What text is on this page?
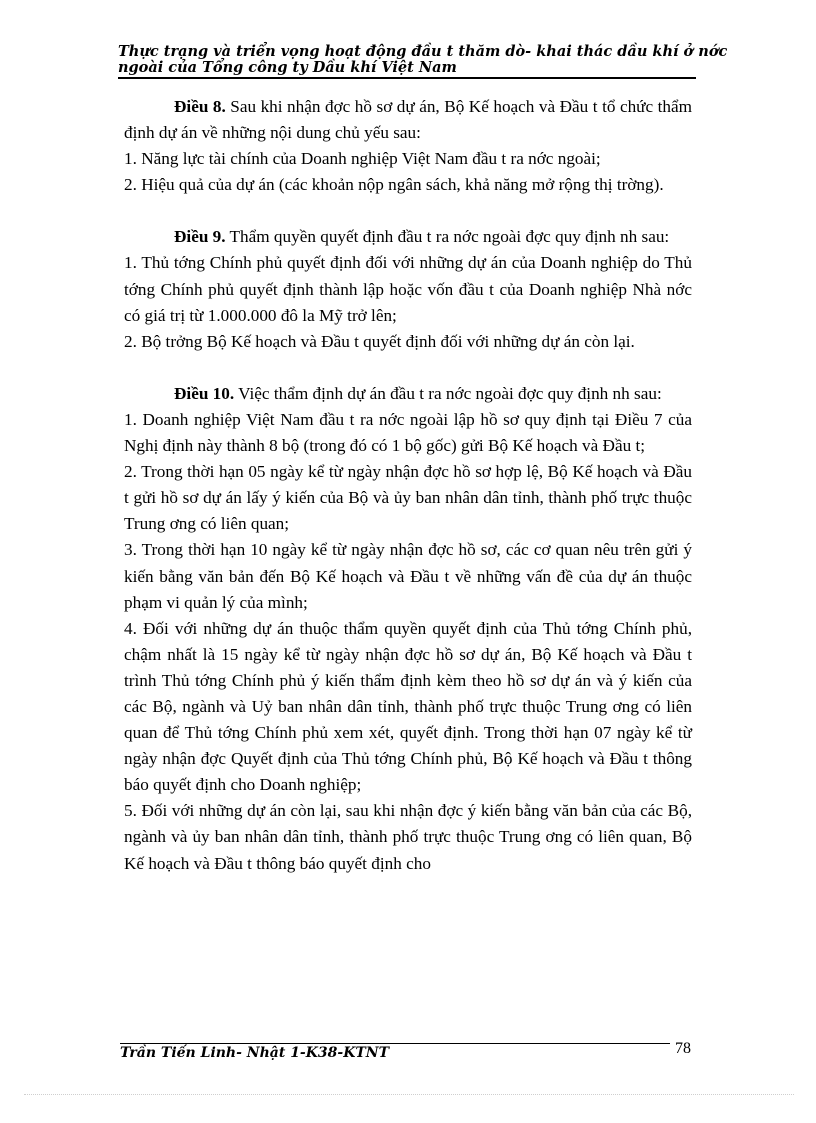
Thực trạng và triển vọng hoạt động đầu t thăm dò- khai thác dầu khí ở nớc
ngoài của Tổng công ty Dầu khí Việt Nam

Điều 8. Sau khi nhận đợc hồ sơ dự án, Bộ Kế hoạch và Đầu t tổ chức thẩm định dự án về những nội dung chủ yếu sau:

1. Năng lực tài chính của Doanh nghiệp Việt Nam đầu t ra nớc ngoài;

2. Hiệu quả của dự án (các khoản nộp ngân sách, khả năng mở rộng thị trờng).

Điều 9. Thẩm quyền quyết định đầu t ra nớc ngoài đợc quy định nh sau:

1. Thủ tớng Chính phủ quyết định đối với những dự án của Doanh nghiệp do Thủ tớng Chính phủ quyết định thành lập hoặc vốn đầu t của Doanh nghiệp Nhà nớc có giá trị từ 1.000.000 đô la Mỹ trở lên;

2. Bộ trởng Bộ Kế hoạch và Đầu t quyết định đối với những dự án còn lại.

Điều 10. Việc thẩm định dự án đầu t ra nớc ngoài đợc quy định nh sau:

1. Doanh nghiệp Việt Nam đầu t ra nớc ngoài lập hồ sơ quy định tại Điều 7 của Nghị định này thành 8 bộ (trong đó có 1 bộ gốc) gửi Bộ Kế hoạch và Đầu t;

2. Trong thời hạn 05 ngày kể từ ngày nhận đợc hồ sơ hợp lệ, Bộ Kế hoạch và Đầu t gửi hồ sơ dự án lấy ý kiến của Bộ và ủy ban nhân dân tỉnh, thành phố trực thuộc Trung ơng có liên quan;

3. Trong thời hạn 10 ngày kể từ ngày nhận đợc hồ sơ, các cơ quan nêu trên gửi ý kiến bằng văn bản đến Bộ Kế hoạch và Đầu t về những vấn đề của dự án thuộc phạm vi quản lý của mình;

4. Đối với những dự án thuộc thẩm quyền quyết định của Thủ tớng Chính phủ, chậm nhất là 15 ngày kể từ ngày nhận đợc hồ sơ dự án, Bộ Kế hoạch và Đầu t trình Thủ tớng Chính phủ ý kiến thẩm định kèm theo hồ sơ dự án và ý kiến của các Bộ, ngành và Uỷ ban nhân dân tỉnh, thành phố trực thuộc Trung ơng có liên quan để Thủ tớng Chính phủ xem xét, quyết định. Trong thời hạn 07 ngày kể từ ngày nhận đợc Quyết định của Thủ tớng Chính phủ, Bộ Kế hoạch và Đầu t thông báo quyết định cho Doanh nghiệp;

5. Đối với những dự án còn lại, sau khi nhận đợc ý kiến bằng văn bản của các Bộ, ngành và ủy ban nhân dân tỉnh, thành phố trực thuộc Trung ơng có liên quan, Bộ Kế hoạch và Đầu t thông báo quyết định cho

Trần Tiến Linh- Nhật 1-K38-KTNT	78
